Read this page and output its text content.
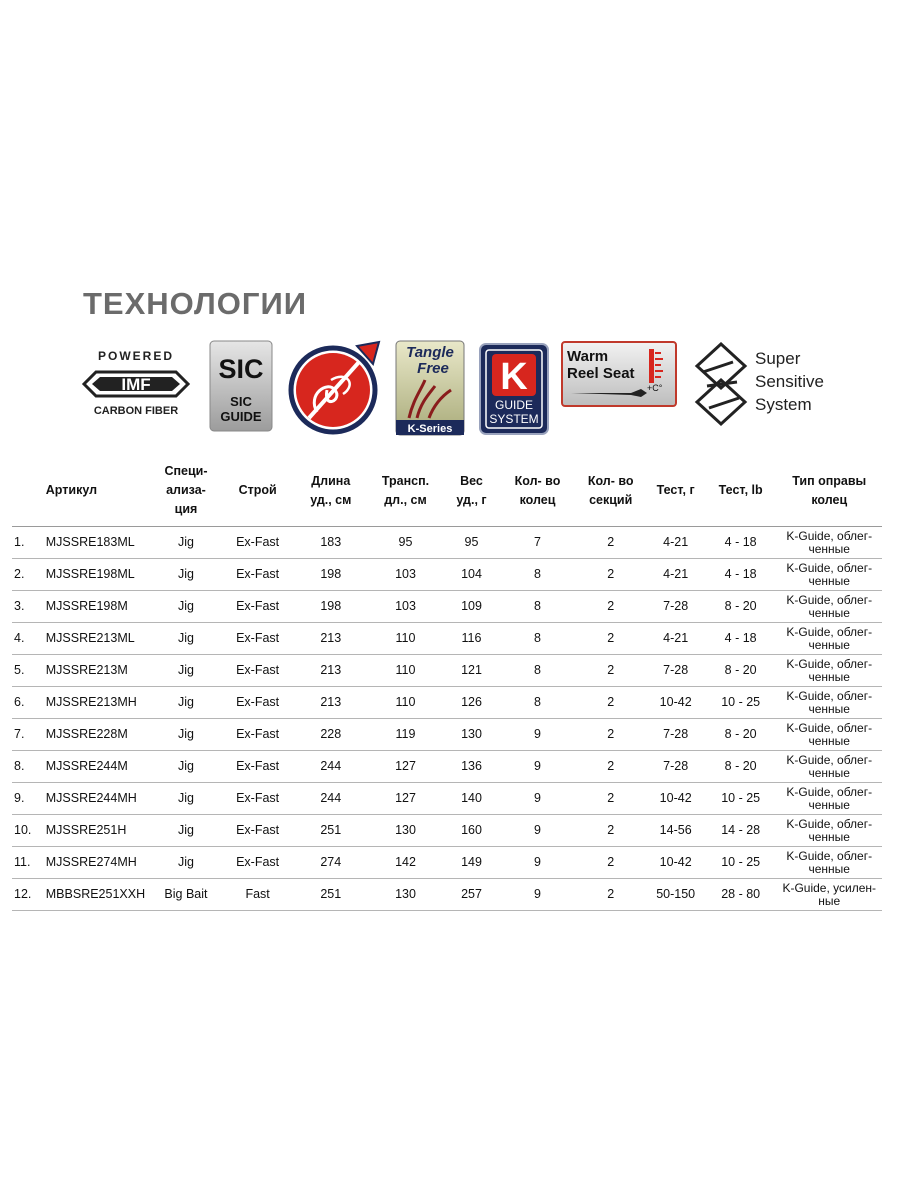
ТЕХНОЛОГИИ
POWERED
IMF
CARBON FIBER
SIC
SIC
GUIDE
Tangle
Free
K-Series
K
GUIDE
SYSTEM
Warm
Reel Seat
+C°
Super
Sensitive
System

	Артикул	Специ-
ализа-
ция	Строй	Длина
уд., см	Трансп.
дл., см	Вес
уд., г	Кол- во
колец	Кол- во
секций	Тест, г	Тест, lb	Тип оправы
колец

1.	MJSSRE183ML	Jig	Ex-Fast	183	95	95	7	2	4-21	4 - 18	K-Guide, облег-
ченные

2.	MJSSRE198ML	Jig	Ex-Fast	198	103	104	8	2	4-21	4 - 18	K-Guide, облег-
ченные

3.	MJSSRE198M	Jig	Ex-Fast	198	103	109	8	2	7-28	8 - 20	K-Guide, облег-
ченные

4.	MJSSRE213ML	Jig	Ex-Fast	213	110	116	8	2	4-21	4 - 18	K-Guide, облег-
ченные

5.	MJSSRE213M	Jig	Ex-Fast	213	110	121	8	2	7-28	8 - 20	K-Guide, облег-
ченные

6.	MJSSRE213MH	Jig	Ex-Fast	213	110	126	8	2	10-42	10 - 25	K-Guide, облег-
ченные

7.	MJSSRE228M	Jig	Ex-Fast	228	119	130	9	2	7-28	8 - 20	K-Guide, облег-
ченные

8.	MJSSRE244M	Jig	Ex-Fast	244	127	136	9	2	7-28	8 - 20	K-Guide, облег-
ченные

9.	MJSSRE244MH	Jig	Ex-Fast	244	127	140	9	2	10-42	10 - 25	K-Guide, облег-
ченные

10.	MJSSRE251H	Jig	Ex-Fast	251	130	160	9	2	14-56	14 - 28	K-Guide, облег-
ченные

11.	MJSSRE274MH	Jig	Ex-Fast	274	142	149	9	2	10-42	10 - 25	K-Guide, облег-
ченные

12.	MBBSRE251XXH	Big Bait	Fast	251	130	257	9	2	50-150	28 - 80	K-Guide, усилен-
ные
